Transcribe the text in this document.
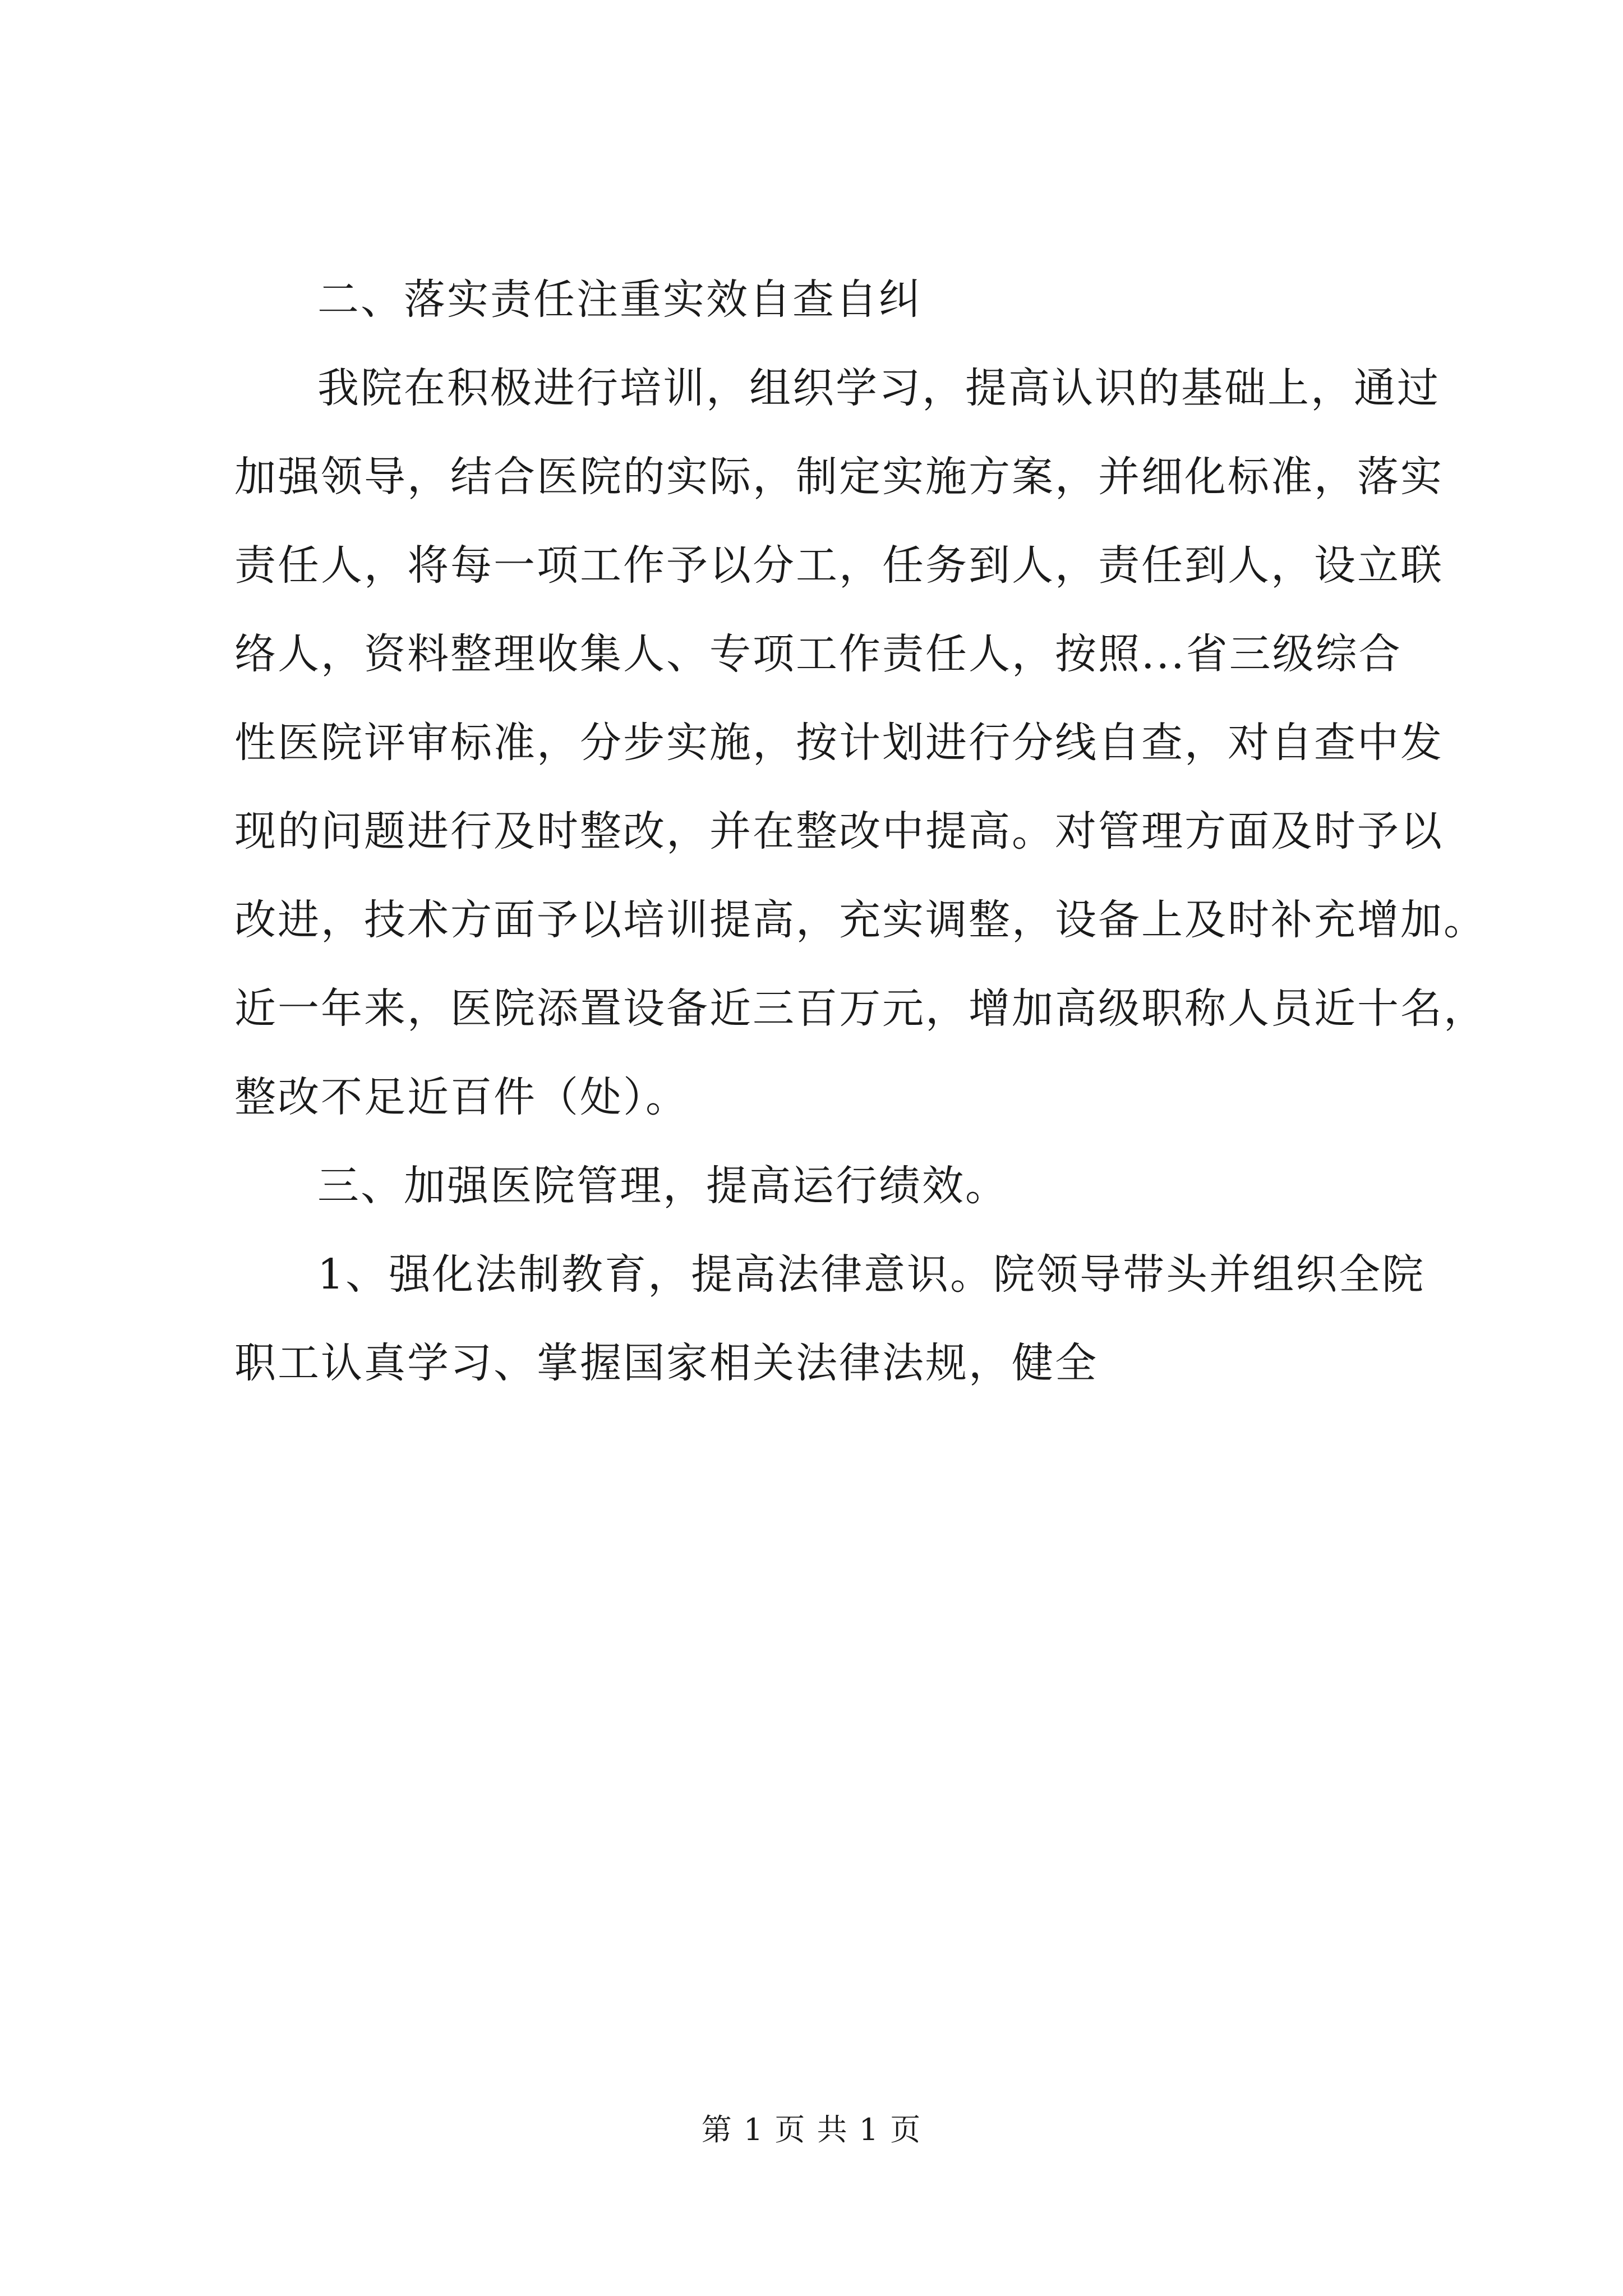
二、落实责任注重实效自查自纠
我院在积极进行培训，组织学习，提高认识的基础上，通过
加强领导，结合医院的实际，制定实施方案，并细化标准，落实
责任人，将每一项工作予以分工，任务到人，责任到人，设立联
络人，资料整理收集人、专项工作责任人，按照...省三级综合
性医院评审标准，分步实施，按计划进行分线自查，对自查中发
现的问题进行及时整改，并在整改中提高。对管理方面及时予以
改进，技术方面予以培训提高，充实调整，设备上及时补充增加。
近一年来，医院添置设备近三百万元，增加高级职称人员近十名，
整改不足近百件（处）。
三、加强医院管理，提高运行绩效。
1、强化法制教育，提高法律意识。院领导带头并组织全院
职工认真学习、掌握国家相关法律法规，健全
第 1 页 共 1 页
